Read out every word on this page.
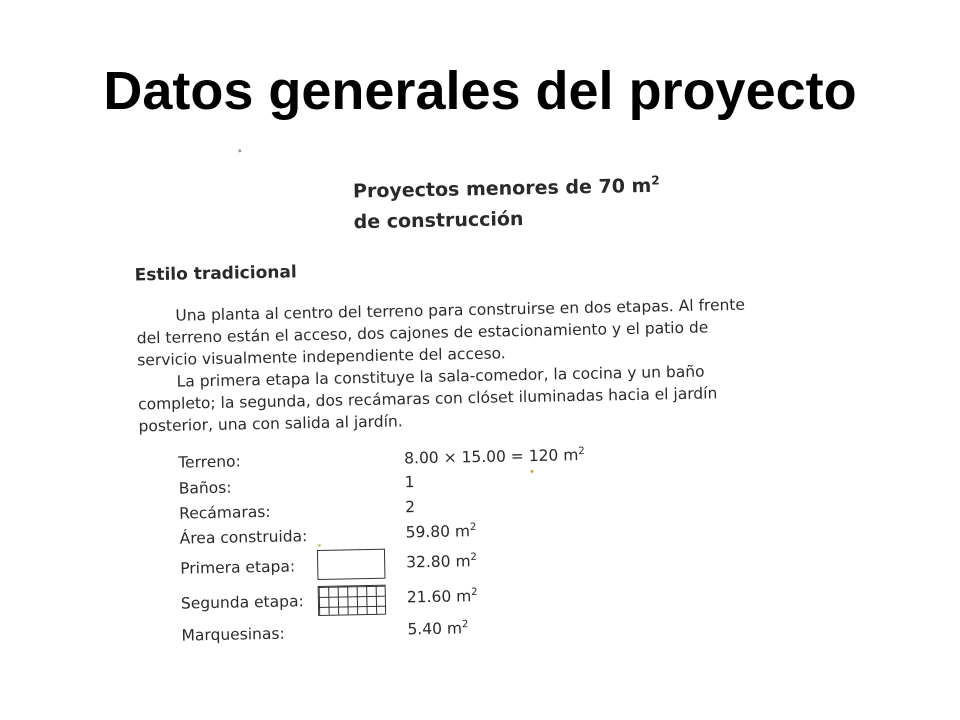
Datos generales del proyecto
Proyectos menores de 70 $m^2$
de construcción
Estilo tradicional
Una planta al centro del terreno para construirse en dos etapas. Al frente
del terreno están el acceso, dos cajones de estacionamiento y el patio de
servicio visualmente independiente del acceso.
La primera etapa la constituye la sala-comedor, la cocina y un baño
completo; la segunda, dos recámaras con clóset iluminadas hacia el jardín
posterior, una con salida al jardín.
Terreno:	8.00 × 15.00 = 120 $m^2$
Baños:	1
Recámaras:	2
Área construida:	59.80 $m^2$
Primera etapa:	32.80 $m^2$
Segunda etapa:	21.60 $m^2$
Marquesinas:	5.40 $m^2$
